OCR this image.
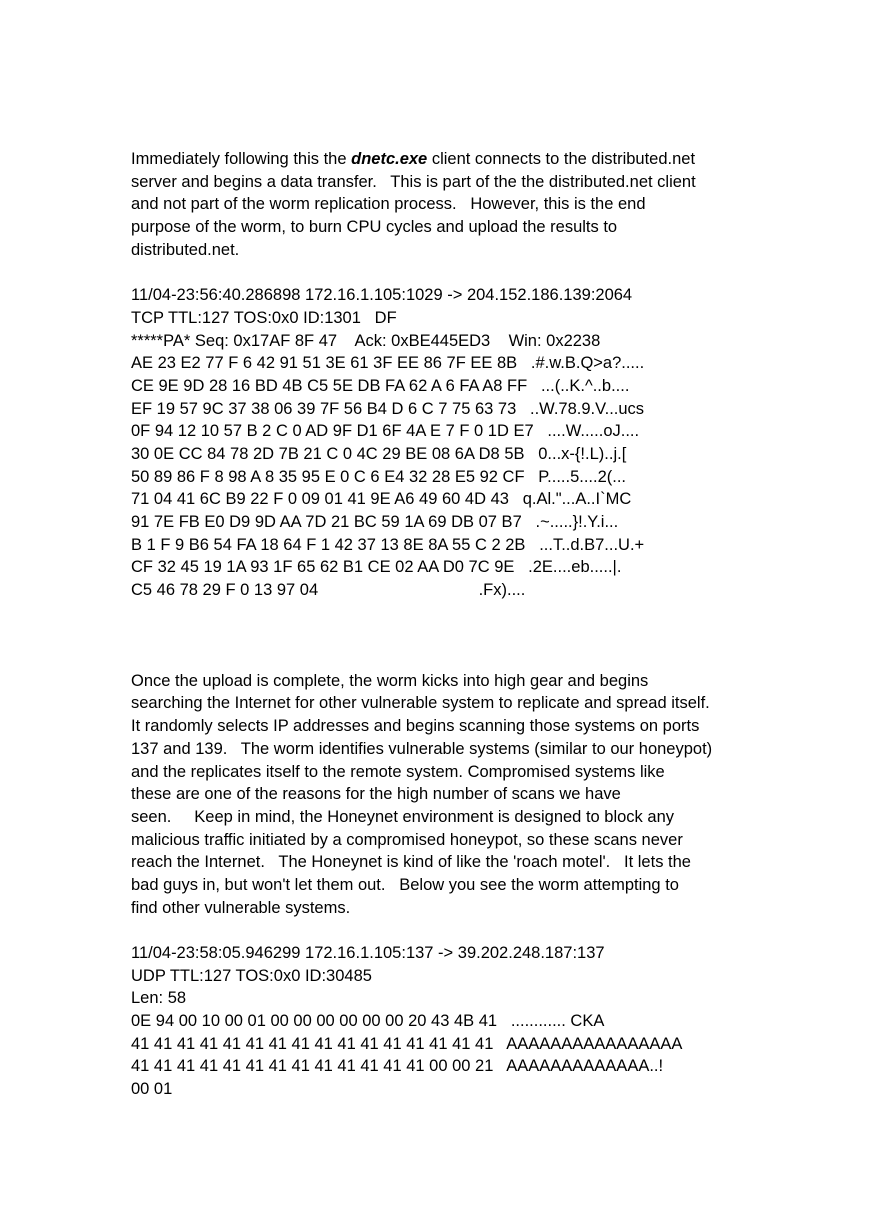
Immediately following this the dnetc.exe client connects to the distributed.net
server and begins a data transfer.   This is part of the the distributed.net client
and not part of the worm replication process.   However, this is the end
purpose of the worm, to burn CPU cycles and upload the results to
distributed.net.
11/04-23:56:40.286898 172.16.1.105:1029 -> 204.152.186.139:2064
TCP TTL:127 TOS:0x0 ID:1301   DF
*****PA* Seq: 0x17AF 8F 47    Ack: 0xBE445ED3    Win: 0x2238
AE 23 E2 77 F 6 42 91 51 3E 61 3F EE 86 7F EE 8B   .#.w.B.Q>a?.....
CE 9E 9D 28 16 BD 4B C5 5E DB FA 62 A 6 FA A8 FF   ...(..K.^..b....
EF 19 57 9C 37 38 06 39 7F 56 B4 D 6 C 7 75 63 73   ..W.78.9.V...ucs
0F 94 12 10 57 B 2 C 0 AD 9F D1 6F 4A E 7 F 0 1D E7   ....W.....oJ....
30 0E CC 84 78 2D 7B 21 C 0 4C 29 BE 08 6A D8 5B   0...x-{!.L)..j.[
50 89 86 F 8 98 A 8 35 95 E 0 C 6 E4 32 28 E5 92 CF   P.....5....2(...
71 04 41 6C B9 22 F 0 09 01 41 9E A6 49 60 4D 43   q.Al."...A..I`MC
91 7E FB E0 D9 9D AA 7D 21 BC 59 1A 69 DB 07 B7   .~.....}!.Y.i...
B 1 F 9 B6 54 FA 18 64 F 1 42 37 13 8E 8A 55 C 2 2B   ...T..d.B7...U.+
CF 32 45 19 1A 93 1F 65 62 B1 CE 02 AA D0 7C 9E   .2E....eb.....|.
C5 46 78 29 F 0 13 97 04                                   .Fx)....
Once the upload is complete, the worm kicks into high gear and begins
searching the Internet for other vulnerable system to replicate and spread itself.
It randomly selects IP addresses and begins scanning those systems on ports
137 and 139.   The worm identifies vulnerable systems (similar to our honeypot)
and the replicates itself to the remote system. Compromised systems like
these are one of the reasons for the high number of scans we have
seen.     Keep in mind, the Honeynet environment is designed to block any
malicious traffic initiated by a compromised honeypot, so these scans never
reach the Internet.   The Honeynet is kind of like the 'roach motel'.   It lets the
bad guys in, but won't let them out.   Below you see the worm attempting to
find other vulnerable systems.
11/04-23:58:05.946299 172.16.1.105:137 -> 39.202.248.187:137
UDP TTL:127 TOS:0x0 ID:30485
Len: 58
0E 94 00 10 00 01 00 00 00 00 00 00 20 43 4B 41   ............ CKA
41 41 41 41 41 41 41 41 41 41 41 41 41 41 41 41   AAAAAAAAAAAAAAAA
41 41 41 41 41 41 41 41 41 41 41 41 41 00 00 21   AAAAAAAAAAAAA..!
00 01
